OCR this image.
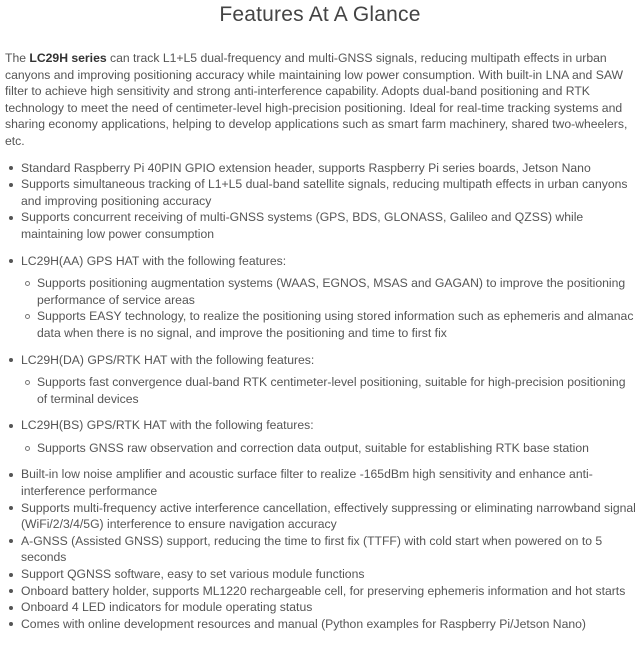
Features At A Glance

The LC29H series can track L1+L5 dual-frequency and multi-GNSS signals, reducing multipath effects in urban canyons and improving positioning accuracy while maintaining low power consumption. With built-in LNA and SAW filter to achieve high sensitivity and strong anti-interference capability. Adopts dual-band positioning and RTK technology to meet the need of centimeter-level high-precision positioning. Ideal for real-time tracking systems and sharing economy applications, helping to develop applications such as smart farm machinery, shared two-wheelers, etc.

Standard Raspberry Pi 40PIN GPIO extension header, supports Raspberry Pi series boards, Jetson Nano
Supports simultaneous tracking of L1+L5 dual-band satellite signals, reducing multipath effects in urban canyons and improving positioning accuracy
Supports concurrent receiving of multi-GNSS systems (GPS, BDS, GLONASS, Galileo and QZSS) while maintaining low power consumption
LC29H(AA) GPS HAT with the following features:
Supports positioning augmentation systems (WAAS, EGNOS, MSAS and GAGAN) to improve the positioning performance of service areas
Supports EASY technology, to realize the positioning using stored information such as ephemeris and almanac data when there is no signal, and improve the positioning and time to first fix
LC29H(DA) GPS/RTK HAT with the following features:
Supports fast convergence dual-band RTK centimeter-level positioning, suitable for high-precision positioning of terminal devices
LC29H(BS) GPS/RTK HAT with the following features:
Supports GNSS raw observation and correction data output, suitable for establishing RTK base station
Built-in low noise amplifier and acoustic surface filter to realize -165dBm high sensitivity and enhance anti-interference performance
Supports multi-frequency active interference cancellation, effectively suppressing or eliminating narrowband signal (WiFi/2/3/4/5G) interference to ensure navigation accuracy
A-GNSS (Assisted GNSS) support, reducing the time to first fix (TTFF) with cold start when powered on to 5 seconds
Support QGNSS software, easy to set various module functions
Onboard battery holder, supports ML1220 rechargeable cell, for preserving ephemeris information and hot starts
Onboard 4 LED indicators for module operating status
Comes with online development resources and manual (Python examples for Raspberry Pi/Jetson Nano)
